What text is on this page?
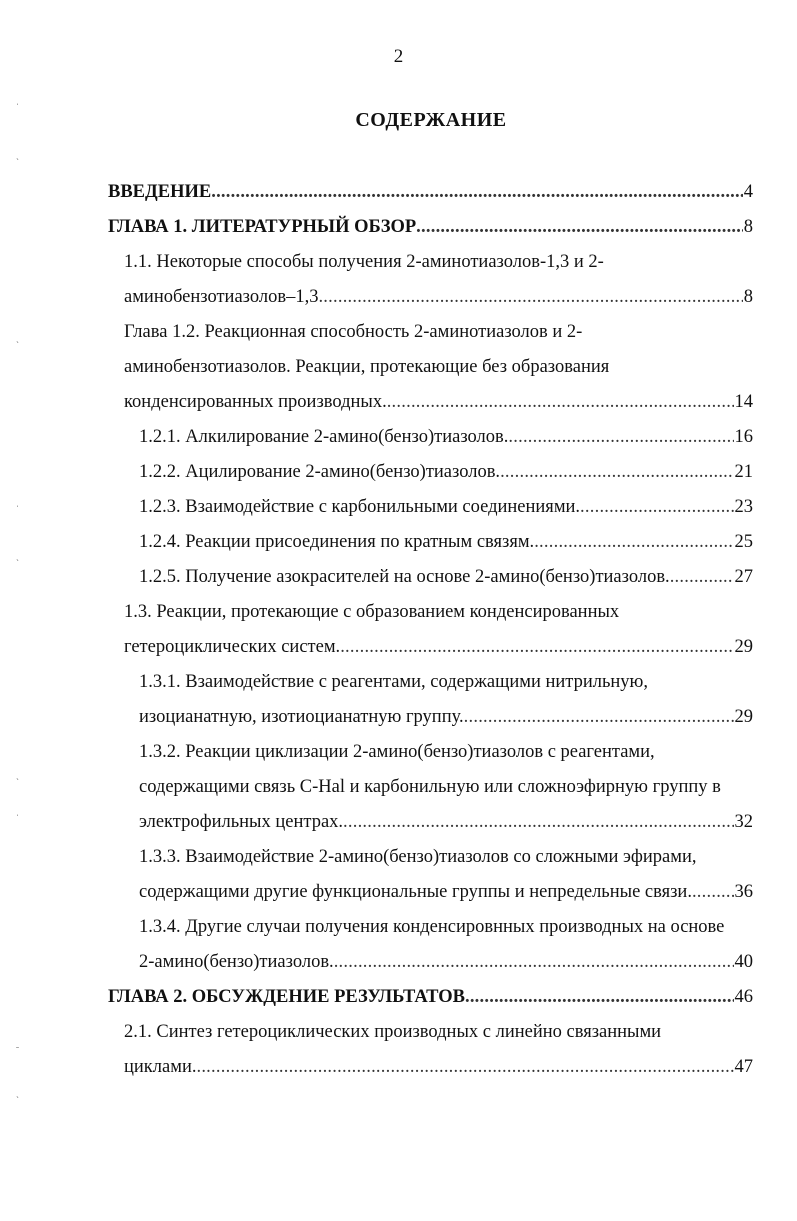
2
СОДЕРЖАНИЕ
ˌ
ˎ
ˏ
ˌ
ˎ
ˏ
ˌ
ˉ
ˏ
ВВЕДЕНИЕ . . .	4
ГЛАВА 1. ЛИТЕРАТУРНЫЙ ОБЗОР . . .	8
1.1. Некоторые способы получения 2-аминотиазолов-1,3 и 2-
аминобензотиазолов–1,3 . . .	8
Глава 1.2. Реакционная способность 2-аминотиазолов и 2-
аминобензотиазолов. Реакции, протекающие без образования
конденсированных производных. . . .	14
1.2.1. Алкилирование 2-амино(бензо)тиазолов. . . .	16
1.2.2. Ацилирование 2-амино(бензо)тиазолов. . . .	21
1.2.3. Взаимодействие с карбонильными соединениями. . . .	23
1.2.4. Реакции присоединения по кратным связям. . . .	25
1.2.5. Получение азокрасителей на основе 2-амино(бензо)тиазолов. . . .	27
1.3. Реакции, протекающие с образованием конденсированных
гетероциклических систем. . . .	29
1.3.1. Взаимодействие с реагентами, содержащими нитрильную,
изоцианатную, изотиоцианатную группу. . . .	29
1.3.2. Реакции циклизации 2-амино(бензо)тиазолов с реагентами,
содержащими связь C-Hal и карбонильную или сложноэфирную группу в
электрофильных центрах. . . .	32
1.3.3. Взаимодействие 2-амино(бензо)тиазолов со сложными эфирами,
содержащими другие функциональные группы и непредельные связи. . . . 36
1.3.4. Другие случаи получения конденсировнных производных на основе
2-амино(бензо)тиазолов. . . .	40
ГЛАВА 2. ОБСУЖДЕНИЕ РЕЗУЛЬТАТОВ . . .	46
2.1. Синтез гетероциклических производных с линейно связанными
циклами. . . .	47
